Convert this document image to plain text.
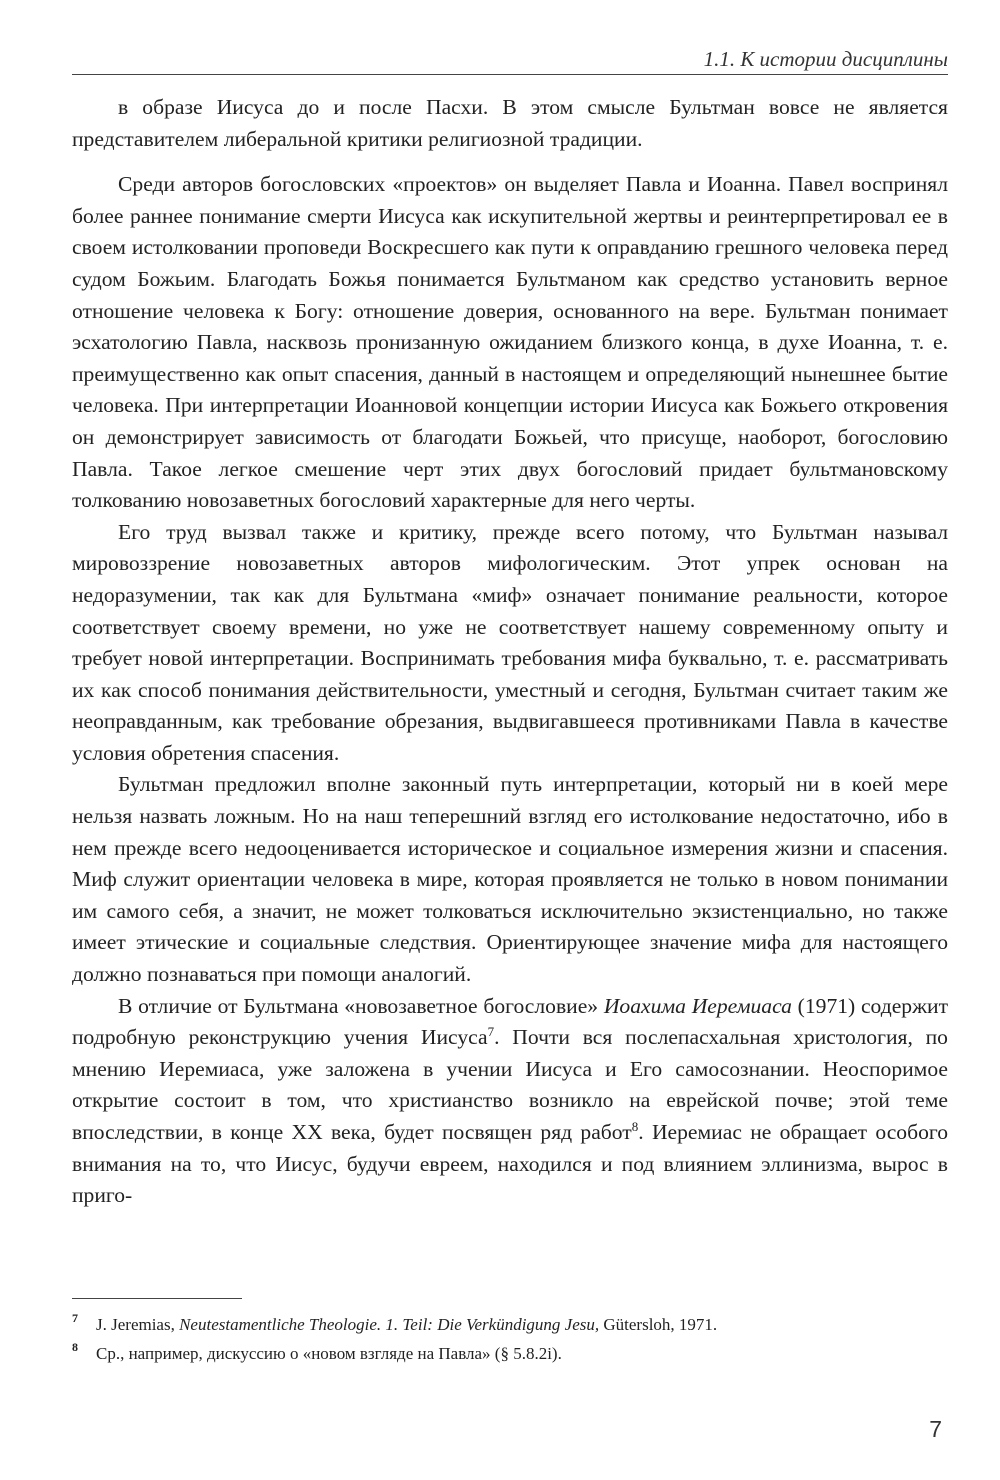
1.1. К истории дисциплины

в образе Иисуса до и после Пасхи. В этом смысле Бультман вовсе не является представителем либеральной критики религиозной традиции.

Среди авторов богословских «проектов» он выделяет Павла и Иоанна. Павел воспринял более раннее понимание смерти Иисуса как искупительной жертвы и реинтерпретировал ее в своем истолковании проповеди Воскресшего как пути к оправданию грешного человека перед судом Божьим. Благодать Божья понимается Бультманом как средство установить верное отношение человека к Богу: отношение доверия, основанного на вере. Бультман понимает эсхатологию Павла, насквозь пронизанную ожиданием близкого конца, в духе Иоанна, т. е. преимущественно как опыт спасения, данный в настоящем и определяющий нынешнее бытие человека. При интерпретации Иоанновой концепции истории Иисуса как Божьего откровения он демонстрирует зависимость от благодати Божьей, что присуще, наоборот, богословию Павла. Такое легкое смешение черт этих двух богословий придает бультмановскому толкованию новозаветных богословий характерные для него черты.

Его труд вызвал также и критику, прежде всего потому, что Бультман называл мировоззрение новозаветных авторов мифологическим. Этот упрек основан на недоразумении, так как для Бультмана «миф» означает понимание реальности, которое соответствует своему времени, но уже не соответствует нашему современному опыту и требует новой интерпретации. Воспринимать требования мифа буквально, т. е. рассматривать их как способ понимания действительности, уместный и сегодня, Бультман считает таким же неоправданным, как требование обрезания, выдвигавшееся противниками Павла в качестве условия обретения спасения.

Бультман предложил вполне законный путь интерпретации, который ни в коей мере нельзя назвать ложным. Но на наш теперешний взгляд его истолкование недостаточно, ибо в нем прежде всего недооценивается историческое и социальное измерения жизни и спасения. Миф служит ориентации человека в мире, которая проявляется не только в новом понимании им самого себя, а значит, не может толковаться исключительно экзистенциально, но также имеет этические и социальные следствия. Ориентирующее значение мифа для настоящего должно познаваться при помощи аналогий.

В отличие от Бультмана «новозаветное богословие» Иоахима Иеремиаса (1971) содержит подробную реконструкцию учения Иисуса$^7$. Почти вся послепасхальная христология, по мнению Иеремиаса, уже заложена в учении Иисуса и Его самосознании. Неоспоримое открытие состоит в том, что христианство возникло на еврейской почве; этой теме впоследствии, в конце XX века, будет посвящен ряд работ$^8$. Иеремиас не обращает особого внимания на то, что Иисус, будучи евреем, находился и под влиянием эллинизма, вырос в приго-

7	J. Jeremias, Neutestamentliche Theologie. 1. Teil: Die Verkündigung Jesu, Gütersloh, 1971.
8	Ср., например, дискуссию о «новом взгляде на Павла» (§ 5.8.2i).
7
